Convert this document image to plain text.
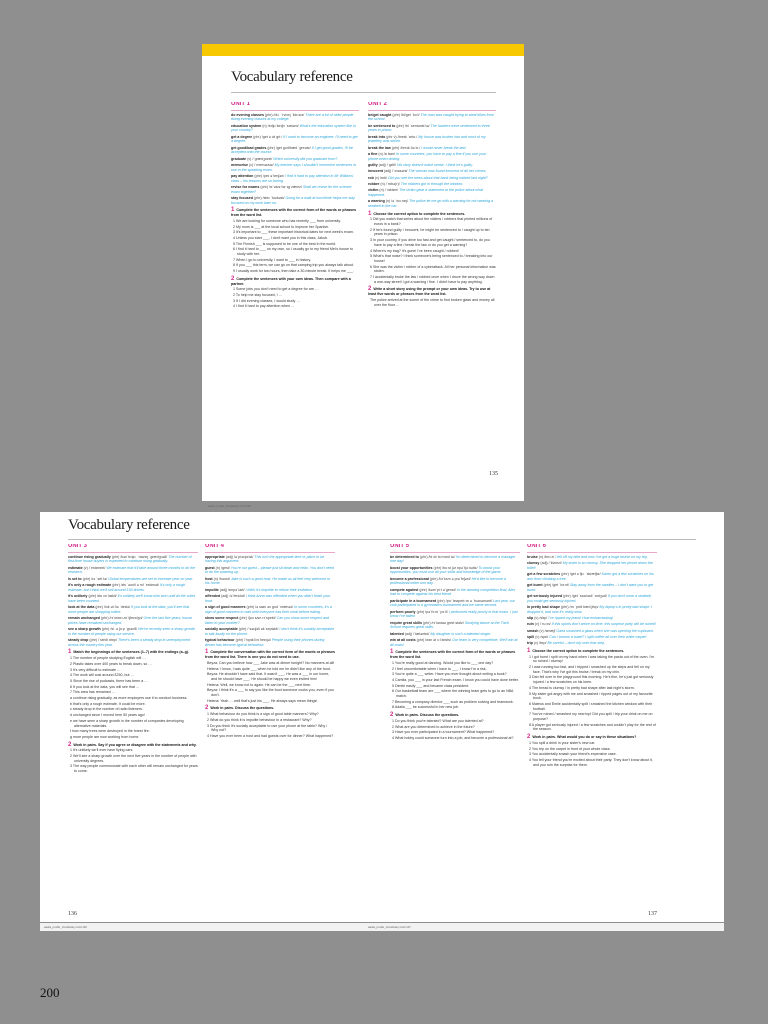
Vocabulary reference
UNIT 1
do evening classes (phr) /duː ˈiːvnɪŋ ˈklɑːsɪz/ There are a lot of older people doing evening classes at my college.
education system (n) /edjuˈkeɪʃn ˈsɪstəm/ What's the education system like in your country?
get a degree (phr) /get ə dɪˈgriː/ If I want to become an engineer, I'll need to get a degree.
get good/bad grades (phr) /get gʊd/bæd ˈgreɪdz/ If I get good grades, I'll be accepted onto the course.
graduate (v) /ˈgrædʒueɪt/ Which university did you graduate from?
memorise (v) /ˈmeməraɪz/ My teacher says I shouldn't memorise sentences to use in the speaking exam.
pay attention (phr) /peɪ əˈtenʃən/ I find it hard to pay attention in Mr Williams' class – his lessons are so boring.
revise for exams (phr) /rɪˈvaɪz fər ɪgˈzæmz/ Shall we revise for the science exam together?
stay focused (phr) /steɪ ˈfəʊkəst/ Going for a walk at lunchtime helps me stay focused on my work later on.
1 Complete the sentences with the correct form of the words or phrases from the word list.
1 We are looking for someone who has recently ___ from university.
2 My mum is ___ at the local school to improve her Spanish.
3 It's important to ___ these important historical dates for next week's exam.
4 Unless you start ___, I don't want you in this class, Jakub.
5 The Finnish ___ is supposed to be one of the best in the world.
6 I find it hard to ___ on my own, so I usually go to my friend Mei's house to study with her.
7 When I go to university, I want to ___ in history.
8 If you ___ this term, we can go on that camping trip you always talk about.
9 I usually work for two hours, then take a 30-minute break. It helps me ___.
2 Complete the sentences with your own ideas. Then compare with a partner.
1 Some jobs you don't need to get a degree for are …
2 To help me stay focused, I …
3 If I did evening classes, I would study …
4 I find it hard to pay attention when …
UNIT 2
be/get caught (phr) /bi/get ˈkɔːt/ The man was caught trying to steal bikes from the school.
be sentenced to (phr) /bi ˈsentənst tə/ The hackers were sentenced to three years in prison.
break into (phr v) /breɪk ˈɪntuː/ My house was broken into and most of my jewellery was stolen.
break the law (phr) /breɪk ðə lɔː/ I would never break the law!
a fine (n) /a faɪn/ In some countries, you have to pay a fine if you use your phone when driving.
guilty (adj) /ˈgɪlti/ His story doesn't make sense. I think he's guilty.
innocent (adj) /ˈɪnəsənt/ The woman was found innocent of all her crimes.
rob (v) /rɒb/ Did you see the news about that bank being robbed last night?
robber (n) /ˈrɒbə(r)/ The robbers got in through the window.
victim (n) /ˈvɪktɪm/ The victim gave a statement to the police about what happened.
a warning (n) /ə ˈwɔːnɪŋ/ The police let me go with a warning for not wearing a seatbelt in the car.
1 Choose the correct option to complete the sentences.
1 Did you watch that series about the victims / robbers that printed millions of euros in a bank?
2 If he's found guilty / innocent, he might be sentenced to / caught up to ten years in prison.
3 In your country, if you drive too fast and get caught / sentenced to, do you have to pay a fine / break the law or do you get a warning?
4 Where's my bag? It's gone! I've been caught / robbed!
5 What's that noise? I think someone's being sentenced to / breaking into our house!
6 She was the victim / robber of a cyberattack. All her personal information was stolen.
7 I accidentally broke the law / robbed once when I drove the wrong way down a one-way street! I got a warning / fine. I didn't have to pay anything.
2 Write a short story using the prompt or your own ideas. Try to use at least five words or phrases from the word list.
The police arrived at the scene of the crime to find broken glass and money all over the floor …
135
aaafa_profile_Vocabulary.indd 136
Vocabulary reference
UNIT 3
continue rising gradually (phr) /kənˈtɪnjuː ˈraɪzɪŋ ˈgrædʒuəli/ The number of first-time house buyers is expected to continue rising gradually.
estimate (v) /ˈestɪmeɪt/ We estimate that it'll take around three months to do the research.
is set to (phr) /ɪz ˈset tə/ Global temperatures are set to increase year on year.
it's only a rough estimate (phr) /ɪts ˈəʊnli ə rʌf ˈestɪmət/ It's only a rough estimate, but I think we'll sell around 150 tickets.
it's unlikely (phr) /ɪts ʌnˈlaɪkli/ It's unlikely we'll know who won until all the votes have been counted.
look at the data (phr) /lʊk ət ðə ˈdeɪtə/ If you look at the data, you'll see that more people are shopping online.
remain unchanged (phr) /rɪˈmeɪn ʌnˈtʃeɪndʒd/ Over the last five years, house prices have remained unchanged.
see a sharp growth (phr) /siː ə ʃɑːp ˈgrəʊθ/ We've recently seen a sharp growth in the number of people using our service.
steady drop (phr) /ˈstedi drɒp/ There's been a steady drop in unemployment across the country this year.
1 Match the beginnings of the sentences (1–7) with the endings (a–g).
1 The number of people studying English will …
2 Plastic takes over 400 years to break down, so …
3 It's very difficult to estimate …
4 The work will cost around £250, but …
5 Since the rise of podcasts, there has been a …
6 If you look at the data, you will see that …
7 This area has remained …
a continue rising gradually, as more employers use it to conduct business.
b that's only a rough estimate. It could be more.
c steady drop in the number of radio listeners.
d unchanged since I moved here 50 years ago!
e we have seen a sharp growth in the number of companies developing alternative materials.
f how many trees were destroyed in the forest fire.
g more people are now working from home.
2 Work in pairs. Say if you agree or disagree with the statements and why.
1 It's unlikely we'll ever have flying cars.
2 We'll see a sharp growth over the next five years in the number of people with university degrees.
3 The way people communicate with each other will remain unchanged for years to come.
UNIT 4
appropriate (adj) /əˈprəʊpriət/ This isn't the appropriate time or place to be having this argument.
guest (n) /gest/ You're our guest – please just sit down and relax. You don't need to do the washing up.
host (n) /həʊst/ Jake is such a good host. He made us all feel very welcome in his home.
impolite (adj) /ɪmpəˈlaɪt/ I think it's impolite to refuse their invitation.
offended (adj) /əˈfendɪd/ I think Anna was offended when you didn't finish your food.
a sign of good manners (phr) /ə saɪn əv gʊd ˈmænəz/ In some countries, it's a sign of good manners to wait until everyone has their meal before eating.
show some respect (phr) /ʃəʊ sʌm rɪˈspekt/ Can you show some respect and listen to your mother?
socially acceptable (phr) /ˈsəʊʃəli əkˈseptəbl/ I don't think it's socially acceptable to talk loudly on the phone.
typical behaviour (phr) /ˈtɪpɪkl bɪˈheɪvjə/ People using their phones during dinner has become typical behaviour.
1 Complete the conversation with the correct form of the words or phrases from the word list. There is one you do not need to use.
Beyza: Can you believe how ___ Jake was at dinner tonight? No manners at all!
Helena: I know, I was quite ___ when he told me he didn't like any of the food.
Beyza: He shouldn't have said that. It wasn't ___. He was a ___ in our home, and he should have ___. He should be happy we even invited him!
Helena: Well, we know not to again. He can be the ___ next time.
Beyza: I think it's a ___ to say you like the food someone cooks you, even if you don't.
Helena: Yeah … well that's just his ___. He always says mean things!
2 Work in pairs. Discuss the questions.
1 What behaviour do you think is a sign of good table manners? Why?
2 What do you think it is impolite behaviour in a restaurant? Why?
3 Do you think it's socially acceptable to use your phone at the table? Why / Why not?
4 Have you ever been a host and had guests over for dinner? What happened?
UNIT 5
be determined to (phr) /bi dɪˈtɜːmɪnd tə/ I'm determined to become a manager one day!
boost your opportunities (phr) /buːst jər ɒpəˈtjuːnətiz/ To boost your opportunities, you must use all your skills and knowledge of the game.
become a professional (phr) /bɪˈkʌm ə prəˈfeʃənl/ He'd like to become a professional writer one day.
compete against (phr) /kəmˈpiːt əˈgenst/ In the dancing competition final, Alex had to compete against his best friend.
participate in a tournament (phr) /pɑːˈtɪsɪpeɪt ɪn ə ˈtʊənəmənt/ Last year, our club participated in a gymnastics tournament and we came second.
perform poorly (phr) /pəˈfɔːm ˈpɔːli/ I performed really poorly in that exam. I just know I've failed.
require great skills (phr) /rɪˈkwaɪə greɪt skɪlz/ Studying dance at the Tisch School requires great skills.
talented (adj) /ˈtæləntɪd/ My daughter is such a talented singer.
win at all costs (phr) /wɪn ət ɔːl kɒsts/ Our team is very competitive. We'll win at all costs!
1 Complete the sentences with the correct form of the words or phrases from the word list.
1 You're really good at dancing. Would you like to ___ one day?
2 I feel uncomfortable when I have to ___. I know I'm a risk.
3 You're quite a ___ writer. Have you ever thought about writing a book?
4 Camila, you ___ in your last French exam. I know you could have done better.
5 Dimitri easily ___ and became class president.
6 Our basketball team are ___ where the winning team gets to go to an NBA match.
7 Becoming a company director ___ such as problem solving and teamwork.
8 Adalia ___ be successful in her new job.
2 Work in pairs. Discuss the questions.
1 Do you think you're talented? What are you talented at?
2 What are you determined to achieve in the future?
3 Have you ever participated in a tournament? What happened?
4 What hobby could someone turn into a job, and become a professional at?
UNIT 6
bruise (n) /bruːz/ I fell off my bike and now I've got a huge bruise on my leg.
clumsy (adj) /ˈklʌmzi/ My sister is so clumsy. She dropped her phone down the toilet!
get a few scratches (phr) /get ə fjuː ˈskrætʃɪz/ Karen got a few scratches on his arm from climbing a tree.
get burnt (phr) /get ˈbɜːnt/ Stay away from the candles – I don't want you to get burnt.
get seriously injured (phr) /get ˈsɪəriəsli ˈɪndʒəd/ If you don't wear a seatbelt, you could get seriously injured.
in pretty bad shape (phr) /ɪn ˈprɪti bæd ʃeɪp/ My laptop's in pretty bad shape. I dropped it, and now it's really slow.
slip (v) /slɪp/ I've ripped my jeans! How embarrassing!
ruin (v) /ˈruːɪn/ If this sports don't arrive on time, this surprise party will be ruined!
smash (v) /smæʃ/ Gaea smashed a glass when she was opening the cupboard.
spill (v) /spɪl/ Can I borrow a towel? I spilt coffee all over their white carpet!
trip (v) /trɪp/ Be careful – don't trip over that step.
1 Choose the correct option to complete the sentences.
1 I got burnt / spilt on my hand when I was taking the pasta out of the oven. I'm so ruined / clumsy!
2 I was running too fast, and I tripped / smashed up the steps and fell on my face. That's why I've got this bruise / break on my chin.
3 Dan fell over in the playground this morning. He's fine, he's just got seriously injured / a few scratches on his knee.
4 The bread is clumsy / in pretty bad shape after last night's storm.
5 My sister got angry with me and smashed / ripped pages out of my favourite book.
6 Mateus and Émile accidentally spilt / smashed the kitchen window with their football.
7 You've ruined / smashed my new top! Did you spill / trip your drink on me on purpose?
8 A player got seriously injured / a few scratches and couldn't play for the rest of the season.
2 Work in pairs. What would you do or say in these situations?
1 You spill a drink in your sister's new car.
2 You trip on the carpet in front of your whole class.
3 You accidentally smash your friend's expensive vase.
4 You tell your friend you're excited about their party. They don't know about it, and you ruin the surprise for them.
136	137
aaafa_profile_Vocabulary.indd 136	aaafa_profile_Vocabulary.indd 137
200
